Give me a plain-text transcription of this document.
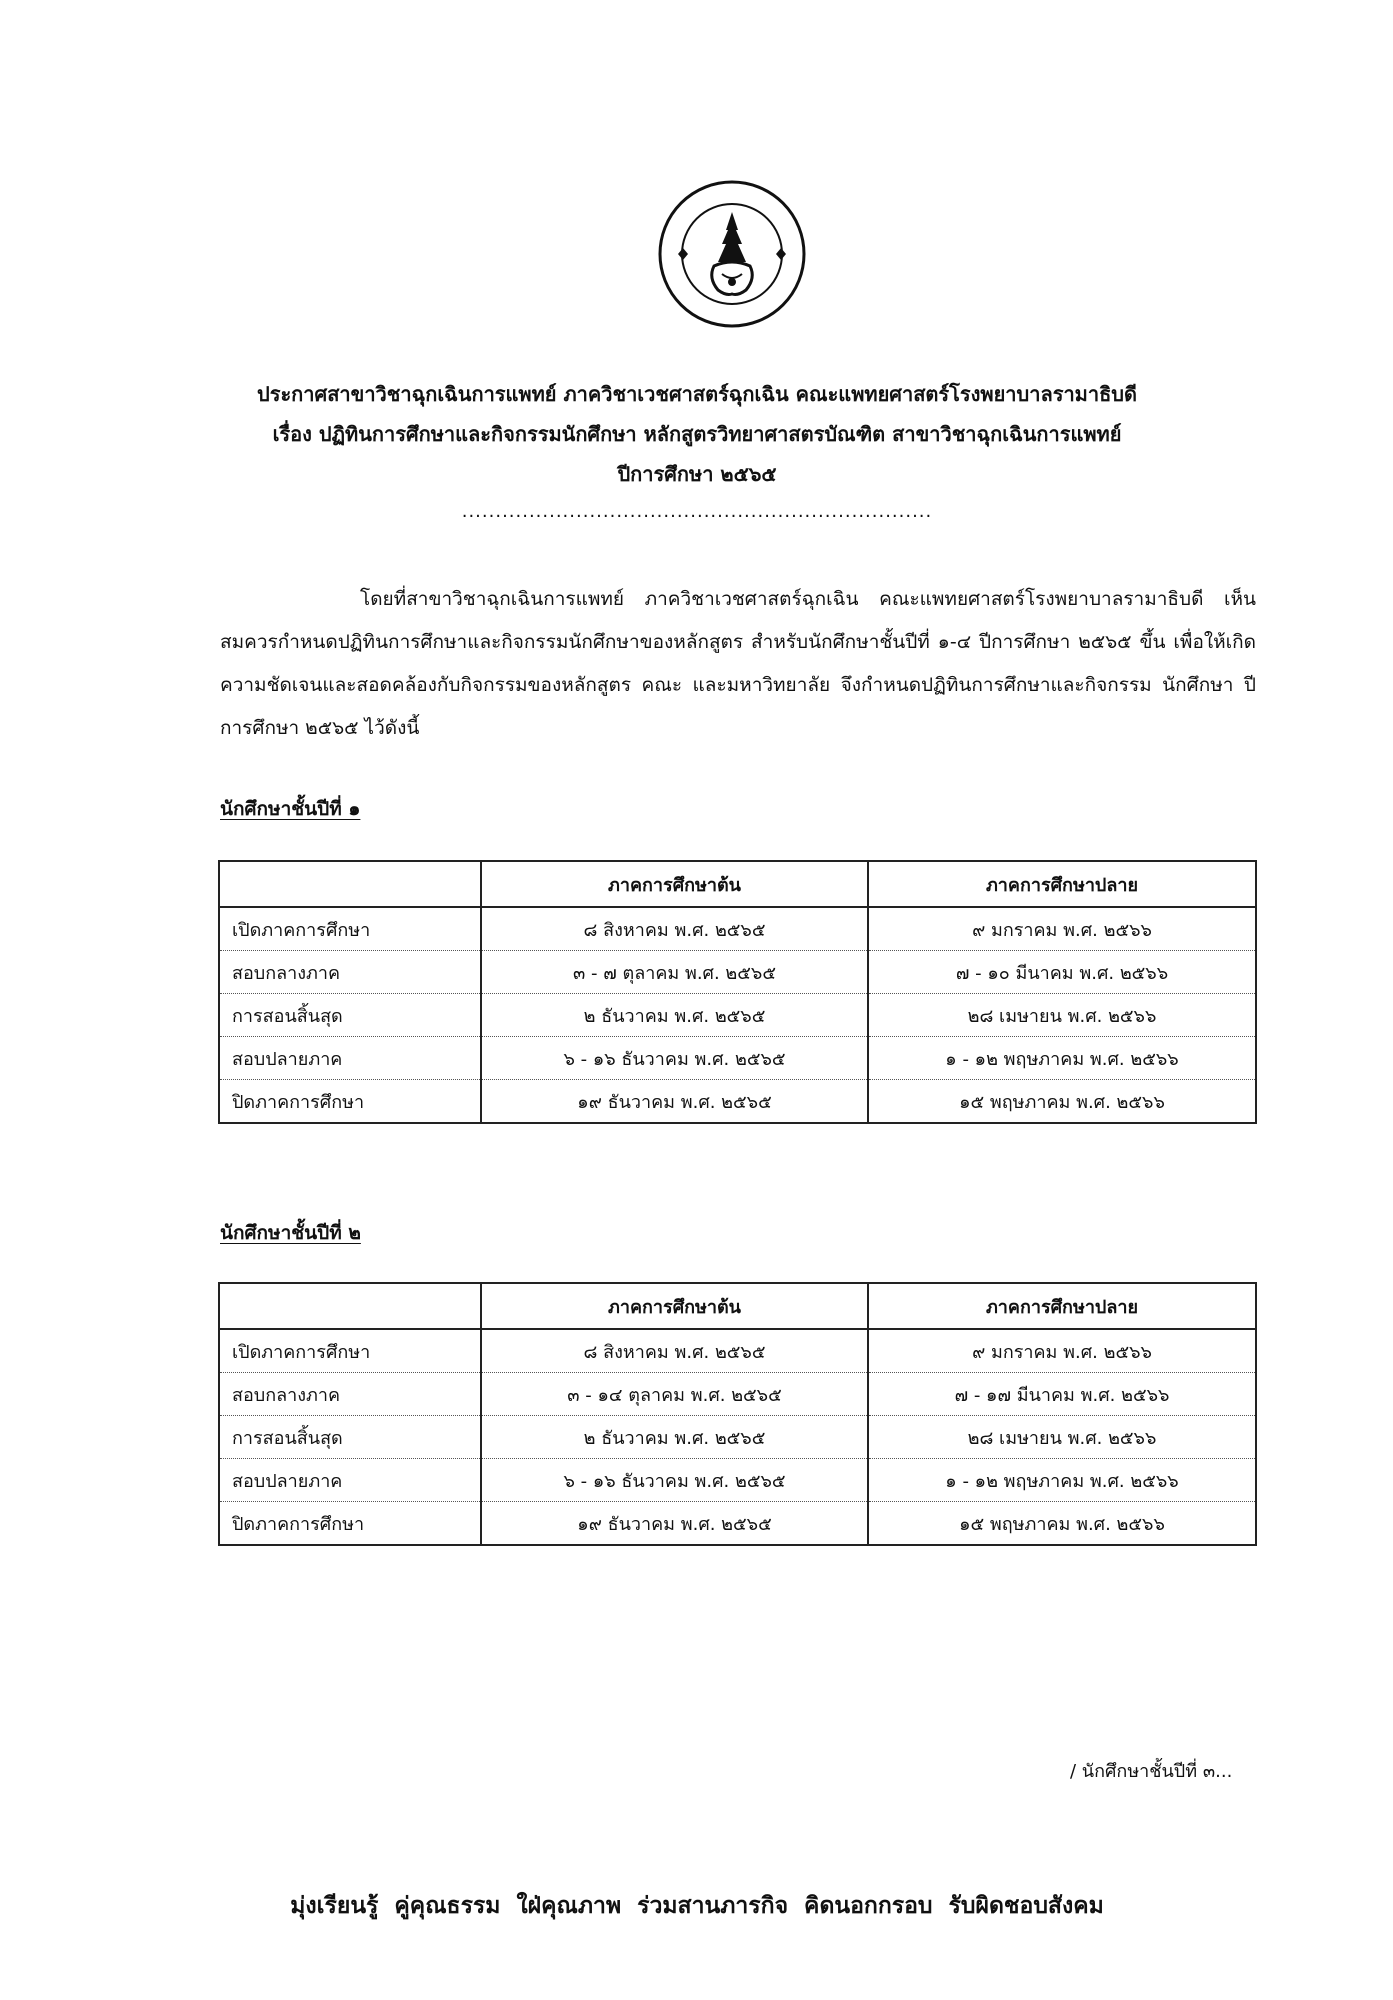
ประกาศสาขาวิชาฉุกเฉินการแพทย์ ภาควิชาเวชศาสตร์ฉุกเฉิน คณะแพทยศาสตร์โรงพยาบาลรามาธิบดี
เรื่อง ปฏิทินการศึกษาและกิจกรรมนักศึกษา หลักสูตรวิทยาศาสตรบัณฑิต สาขาวิชาฉุกเฉินการแพทย์
ปีการศึกษา ๒๕๖๕
......................................................................
โดยที่สาขาวิชาฉุกเฉินการแพทย์ ภาควิชาเวชศาสตร์ฉุกเฉิน คณะแพทยศาสตร์โรงพยาบาลรามาธิบดี เห็นสมควรกำหนดปฏิทินการศึกษาและกิจกรรมนักศึกษาของหลักสูตร สำหรับนักศึกษาชั้นปีที่ ๑-๔ ปีการศึกษา ๒๕๖๕ ขึ้น เพื่อให้เกิดความชัดเจนและสอดคล้องกับกิจกรรมของหลักสูตร คณะ และมหาวิทยาลัย จึงกำหนดปฏิทินการศึกษาและกิจกรรม นักศึกษา ปีการศึกษา ๒๕๖๕ ไว้ดังนี้
นักศึกษาชั้นปีที่ ๑
	ภาคการศึกษาต้น	ภาคการศึกษาปลาย
เปิดภาคการศึกษา	๘ สิงหาคม พ.ศ. ๒๕๖๕	๙ มกราคม พ.ศ. ๒๕๖๖
สอบกลางภาค	๓ - ๗ ตุลาคม พ.ศ. ๒๕๖๕	๗ - ๑๐ มีนาคม พ.ศ. ๒๕๖๖
การสอนสิ้นสุด	๒ ธันวาคม พ.ศ. ๒๕๖๕	๒๘ เมษายน พ.ศ. ๒๕๖๖
สอบปลายภาค	๖ - ๑๖ ธันวาคม พ.ศ. ๒๕๖๕	๑ - ๑๒ พฤษภาคม พ.ศ. ๒๕๖๖
ปิดภาคการศึกษา	๑๙ ธันวาคม พ.ศ. ๒๕๖๕	๑๕ พฤษภาคม พ.ศ. ๒๕๖๖
นักศึกษาชั้นปีที่ ๒
	ภาคการศึกษาต้น	ภาคการศึกษาปลาย
เปิดภาคการศึกษา	๘ สิงหาคม พ.ศ. ๒๕๖๕	๙ มกราคม พ.ศ. ๒๕๖๖
สอบกลางภาค	๓ - ๑๔ ตุลาคม พ.ศ. ๒๕๖๕	๗ - ๑๗ มีนาคม พ.ศ. ๒๕๖๖
การสอนสิ้นสุด	๒ ธันวาคม พ.ศ. ๒๕๖๕	๒๘ เมษายน พ.ศ. ๒๕๖๖
สอบปลายภาค	๖ - ๑๖ ธันวาคม พ.ศ. ๒๕๖๕	๑ - ๑๒ พฤษภาคม พ.ศ. ๒๕๖๖
ปิดภาคการศึกษา	๑๙ ธันวาคม พ.ศ. ๒๕๖๕	๑๕ พฤษภาคม พ.ศ. ๒๕๖๖
/ นักศึกษาชั้นปีที่ ๓...
มุ่งเรียนรู้ คู่คุณธรรม ใฝ่คุณภาพ ร่วมสานภารกิจ คิดนอกกรอบ รับผิดชอบสังคม
